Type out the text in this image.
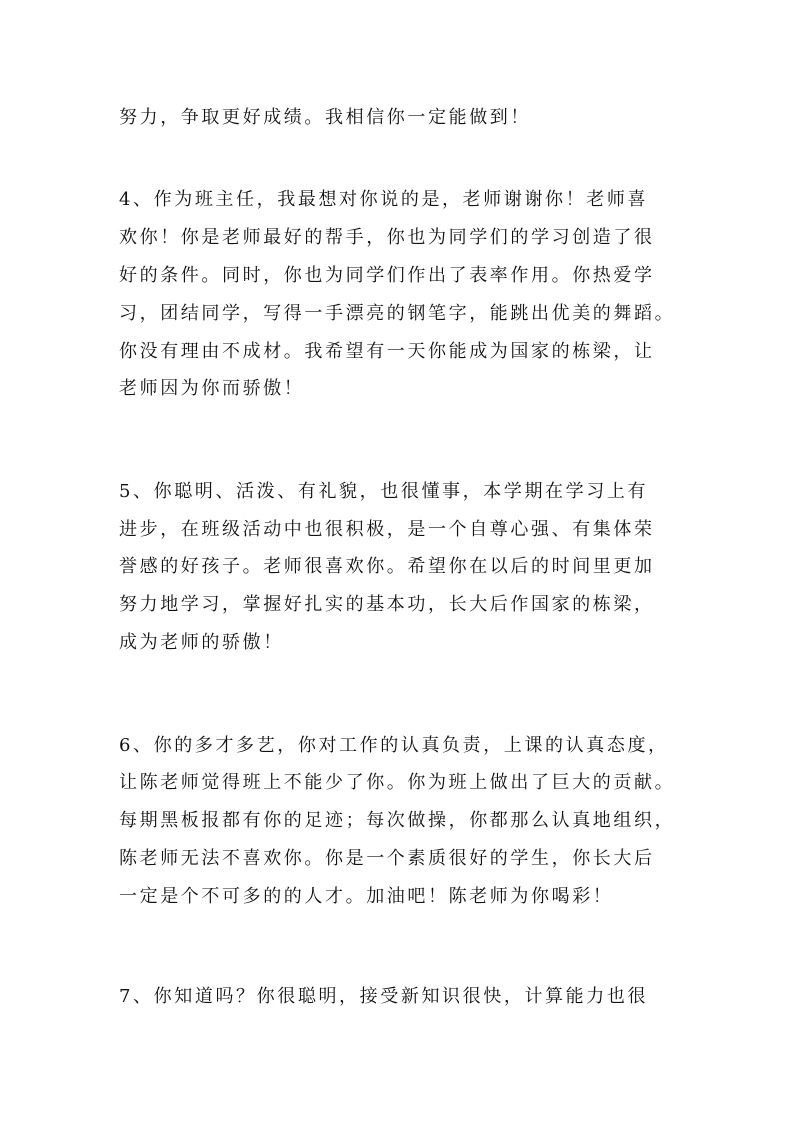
努力，争取更好成绩。我相信你一定能做到！

4、作为班主任，我最想对你说的是，老师谢谢你！老师喜

欢你！你是老师最好的帮手，你也为同学们的学习创造了很

好的条件。同时，你也为同学们作出了表率作用。你热爱学

习，团结同学，写得一手漂亮的钢笔字，能跳出优美的舞蹈。

你没有理由不成材。我希望有一天你能成为国家的栋梁，让

老师因为你而骄傲！

5、你聪明、活泼、有礼貌，也很懂事，本学期在学习上有

进步，在班级活动中也很积极，是一个自尊心强、有集体荣

誉感的好孩子。老师很喜欢你。希望你在以后的时间里更加

努力地学习，掌握好扎实的基本功，长大后作国家的栋梁，

成为老师的骄傲！

6、你的多才多艺，你对工作的认真负责，上课的认真态度，

让陈老师觉得班上不能少了你。你为班上做出了巨大的贡献。

每期黑板报都有你的足迹；每次做操，你都那么认真地组织，

陈老师无法不喜欢你。你是一个素质很好的学生，你长大后

一定是个不可多的的人才。加油吧！陈老师为你喝彩！

7、你知道吗？你很聪明，接受新知识很快，计算能力也很
